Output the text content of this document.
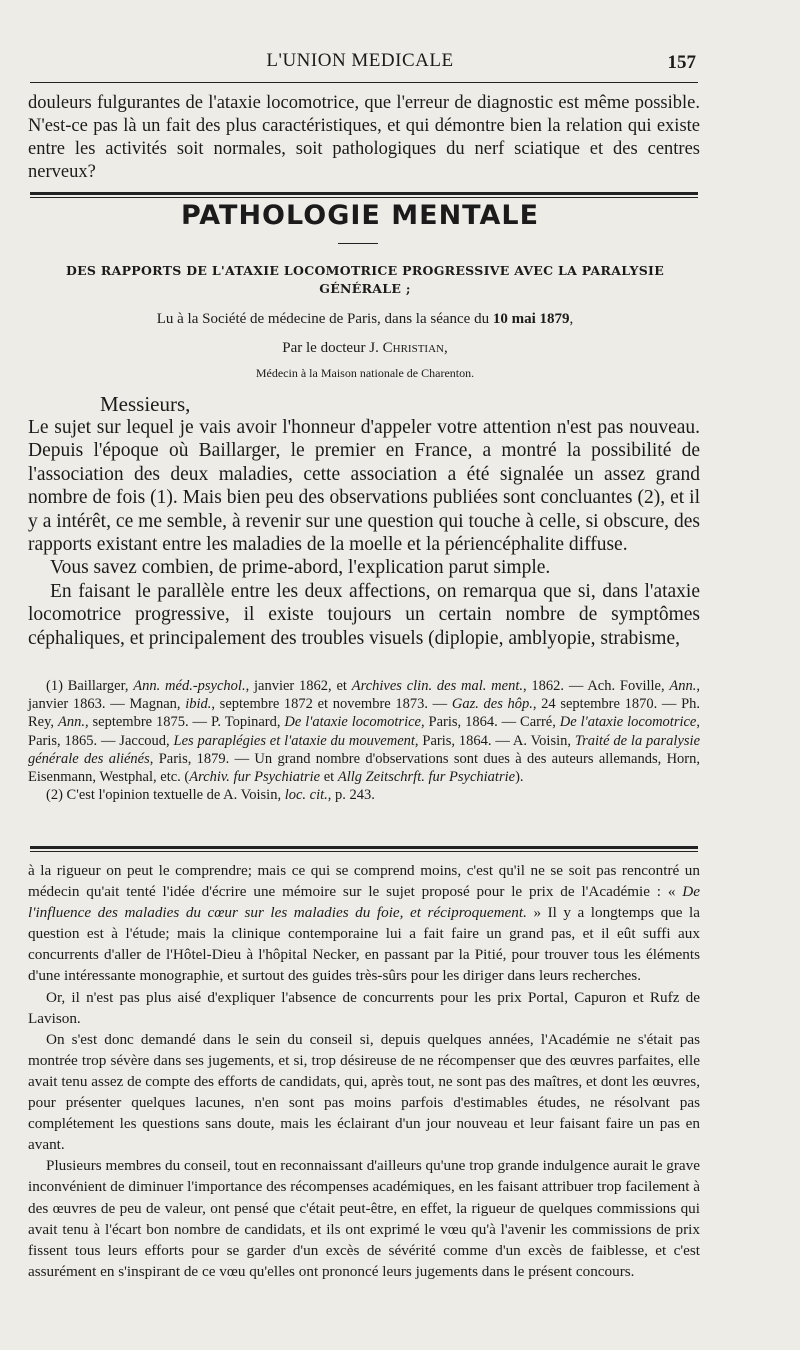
L'UNION MEDICALE	157
douleurs fulgurantes de l'ataxie locomotrice, que l'erreur de diagnostic est même possible. N'est-ce pas là un fait des plus caractéristiques, et qui démontre bien la relation qui existe entre les activités soit normales, soit pathologiques du nerf sciatique et des centres nerveux?
PATHOLOGIE MENTALE
DES RAPPORTS DE L'ATAXIE LOCOMOTRICE PROGRESSIVE AVEC LA PARALYSIE GÉNÉRALE ;
Lu à la Société de médecine de Paris, dans la séance du 10 mai 1879,
Par le docteur J. Christian,
Médecin à la Maison nationale de Charenton.
Messieurs,

Le sujet sur lequel je vais avoir l'honneur d'appeler votre attention n'est pas nouveau. Depuis l'époque où Baillarger, le premier en France, a montré la possibilité de l'association des deux maladies, cette association a été signalée un assez grand nombre de fois (1). Mais bien peu des observations publiées sont concluantes (2), et il y a intérêt, ce me semble, à revenir sur une question qui touche à celle, si obscure, des rapports existant entre les maladies de la moelle et la périencéphalite diffuse.

Vous savez combien, de prime-abord, l'explication parut simple.

En faisant le parallèle entre les deux affections, on remarqua que si, dans l'ataxie locomotrice progressive, il existe toujours un certain nombre de symptômes céphaliques, et principalement des troubles visuels (diplopie, amblyopie, strabisme,

(1) Baillarger, Ann. méd.-psychol., janvier 1862, et Archives clin. des mal. ment., 1862. — Ach. Foville, Ann., janvier 1863. — Magnan, ibid., septembre 1872 et novembre 1873. — Gaz. des hôp., 24 septembre 1870. — Ph. Rey, Ann., septembre 1875. — P. Topinard, De l'ataxie locomotrice, Paris, 1864. — Carré, De l'ataxie locomotrice, Paris, 1865. — Jaccoud, Les paraplégies et l'ataxie du mouvement, Paris, 1864. — A. Voisin, Traité de la paralysie générale des aliénés, Paris, 1879. — Un grand nombre d'observations sont dues à des auteurs allemands, Horn, Eisenmann, Westphal, etc. (Archiv. fur Psychiatrie et Allg Zeitschrft. fur Psychiatrie).

(2) C'est l'opinion textuelle de A. Voisin, loc. cit., p. 243.

à la rigueur on peut le comprendre; mais ce qui se comprend moins, c'est qu'il ne se soit pas rencontré un médecin qu'ait tenté l'idée d'écrire une mémoire sur le sujet proposé pour le prix de l'Académie : « De l'influence des maladies du cœur sur les maladies du foie, et réciproquement. » Il y a longtemps que la question est à l'étude; mais la clinique contemporaine lui a fait faire un grand pas, et il eût suffi aux concurrents d'aller de l'Hôtel-Dieu à l'hôpital Necker, en passant par la Pitié, pour trouver tous les éléments d'une intéressante monographie, et surtout des guides très-sûrs pour les diriger dans leurs recherches.

Or, il n'est pas plus aisé d'expliquer l'absence de concurrents pour les prix Portal, Capuron et Rufz de Lavison.

On s'est donc demandé dans le sein du conseil si, depuis quelques années, l'Académie ne s'était pas montrée trop sévère dans ses jugements, et si, trop désireuse de ne récompenser que des œuvres parfaites, elle avait tenu assez de compte des efforts de candidats, qui, après tout, ne sont pas des maîtres, et dont les œuvres, pour présenter quelques lacunes, n'en sont pas moins parfois d'estimables études, ne résolvant pas complétement les questions sans doute, mais les éclairant d'un jour nouveau et leur faisant faire un pas en avant.

Plusieurs membres du conseil, tout en reconnaissant d'ailleurs qu'une trop grande indulgence aurait le grave inconvénient de diminuer l'importance des récompenses académiques, en les faisant attribuer trop facilement à des œuvres de peu de valeur, ont pensé que c'était peut-être, en effet, la rigueur de quelques commissions qui avait tenu à l'écart bon nombre de candidats, et ils ont exprimé le vœu qu'à l'avenir les commissions de prix fissent tous leurs efforts pour se garder d'un excès de sévérité comme d'un excès de faiblesse, et c'est assurément en s'inspirant de ce vœu qu'elles ont prononcé leurs jugements dans le présent concours.
